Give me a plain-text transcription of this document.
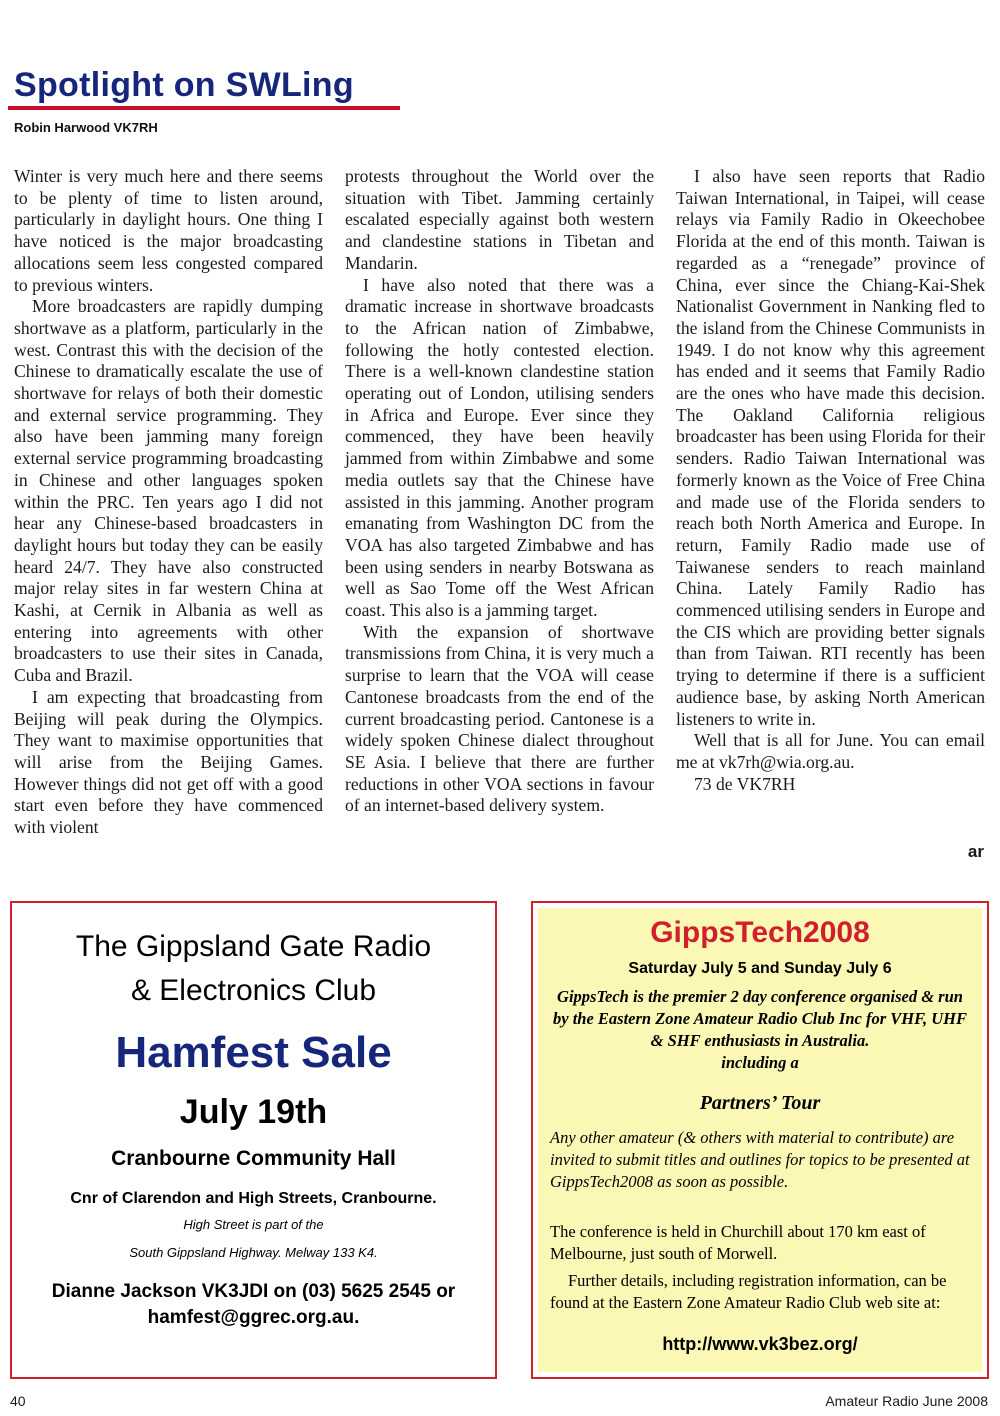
Spotlight on SWLing
Robin Harwood VK7RH

Winter is very much here and there seems to be plenty of time to listen around, particularly in daylight hours. One thing I have noticed is the major broadcasting allocations seem less congested compared to previous winters.

More broadcasters are rapidly dumping shortwave as a platform, particularly in the west. Contrast this with the decision of the Chinese to dramatically escalate the use of shortwave for relays of both their domestic and external service programming. They also have been jamming many foreign external service programming broadcasting in Chinese and other languages spoken within the PRC. Ten years ago I did not hear any Chinese-based broadcasters in daylight hours but today they can be easily heard 24/7. They have also constructed major relay sites in far western China at Kashi, at Cernik in Albania as well as entering into agreements with other broadcasters to use their sites in Canada, Cuba and Brazil.

I am expecting that broadcasting from Beijing will peak during the Olympics. They want to maximise opportunities that will arise from the Beijing Games. However things did not get off with a good start even before they have commenced with violent

protests throughout the World over the situation with Tibet. Jamming certainly escalated especially against both western and clandestine stations in Tibetan and Mandarin.

I have also noted that there was a dramatic increase in shortwave broadcasts to the African nation of Zimbabwe, following the hotly contested election. There is a well-known clandestine station operating out of London, utilising senders in Africa and Europe. Ever since they commenced, they have been heavily jammed from within Zimbabwe and some media outlets say that the Chinese have assisted in this jamming. Another program emanating from Washington DC from the VOA has also targeted Zimbabwe and has been using senders in nearby Botswana as well as Sao Tome off the West African coast. This also is a jamming target.

With the expansion of shortwave transmissions from China, it is very much a surprise to learn that the VOA will cease Cantonese broadcasts from the end of the current broadcasting period. Cantonese is a widely spoken Chinese dialect throughout SE Asia. I believe that there are further reductions in other VOA sections in favour of an internet-based delivery system.

I also have seen reports that Radio Taiwan International, in Taipei, will cease relays via Family Radio in Okeechobee Florida at the end of this month. Taiwan is regarded as a “renegade” province of China, ever since the Chiang-Kai-Shek Nationalist Government in Nanking fled to the island from the Chinese Communists in 1949. I do not know why this agreement has ended and it seems that Family Radio are the ones who have made this decision. The Oakland California religious broadcaster has been using Florida for their senders. Radio Taiwan International was formerly known as the Voice of Free China and made use of the Florida senders to reach both North America and Europe. In return, Family Radio made use of Taiwanese senders to reach mainland China. Lately Family Radio has commenced utilising senders in Europe and the CIS which are providing better signals than from Taiwan. RTI recently has been trying to determine if there is a sufficient audience base, by asking North American listeners to write in.

Well that is all for June. You can email me at vk7rh@wia.org.au.

73 de VK7RH

ar
The Gippsland Gate Radio
& Electronics Club
Hamfest Sale
July 19th
Cranbourne Community Hall
Cnr of Clarendon and High Streets, Cranbourne.
High Street is part of the
South Gippsland Highway. Melway 133 K4.
Dianne Jackson VK3JDI on (03) 5625 2545 or
hamfest@ggrec.org.au.
GippsTech2008
Saturday July 5 and Sunday July 6
GippsTech is the premier 2 day conference organised & run by the Eastern Zone Amateur Radio Club Inc for VHF, UHF & SHF enthusiasts in Australia.
including a
Partners’ Tour
Any other amateur (& others with material to contribute) are invited to submit titles and outlines for topics to be presented at GippsTech2008 as soon as possible.
The conference is held in Churchill about 170 km east of Melbourne, just south of Morwell.
Further details, including registration information, can be found at the Eastern Zone Amateur Radio Club web site at:
http://www.vk3bez.org/
40	Amateur Radio June 2008
